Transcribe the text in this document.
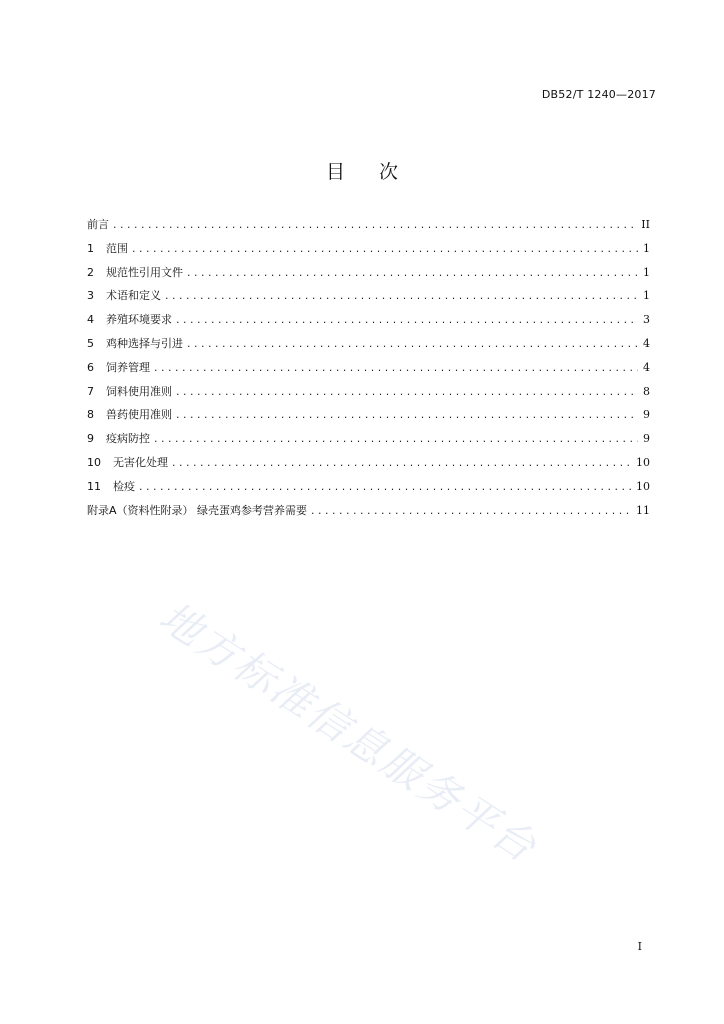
DB52/T 1240—2017
目 次
前言 . . .	II
1	范围 . . .	1
2	规范性引用文件 . . .	1
3	术语和定义 . . .	1
4	养殖环境要求 . . .	3
5	鸡种选择与引进 . . .	4
6	饲养管理 . . .	4
7	饲料使用准则 . . .	8
8	兽药使用准则 . . .	9
9	疫病防控 . . .	9
10	无害化处理 . . .	10
11	检疫 . . .	10
附录A（资料性附录） 绿壳蛋鸡参考营养需要 . . .	11
地方标准信息服务平台
I
